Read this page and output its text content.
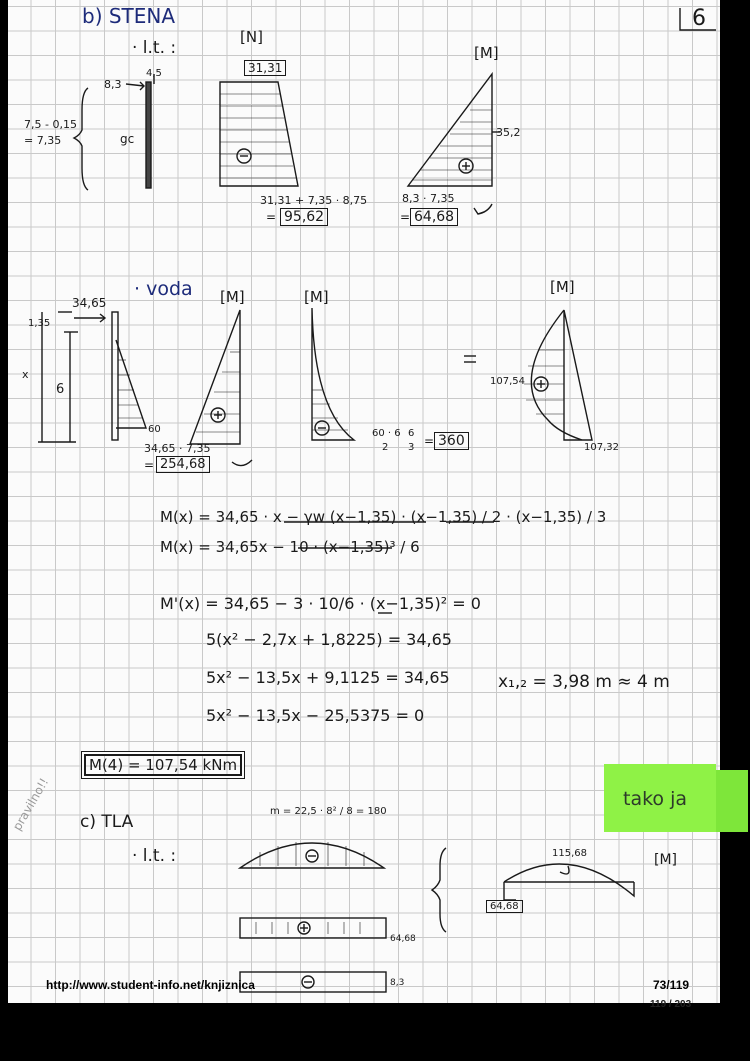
b) STENA	6
· l.t. :
[N]
[M]
8,3
4,5
7,5 - 0,15
= 7,35	gc
31,31
31,31 + 7,35 · 8,75
= 95,62
35,2
8,3 · 7,35
= 64,68
· voda [M]	[M]
[M]
34,65
1,35
6
x
60
34,65 · 7,35
= 254,68
60 · 6
2
6
3 = 360
107,54
107,32
M(x) = 34,65 · x − γw (x−1,35) · (x−1,35) / 2 · (x−1,35) / 3
M(x) = 34,65x − 10 · (x−1,35)³ / 6
M'(x) = 34,65 − 3 · 10/6 · (x−1,35)² = 0
5(x² − 2,7x + 1,8225) = 34,65
5x² − 13,5x + 9,1125 = 34,65
5x² − 13,5x − 25,5375 = 0
x₁,₂ = 3,98 m ≈ 4 m
M(4) = 107,54 kNm
c) TLA
· l.t. :
m = 22,5 · 8² / 8 = 180
pravilno!!
[M]
64,68
8,3
115,68
64,68
tako ja
http://www.student-info.net/knjiznica	73/119
119 / 203
